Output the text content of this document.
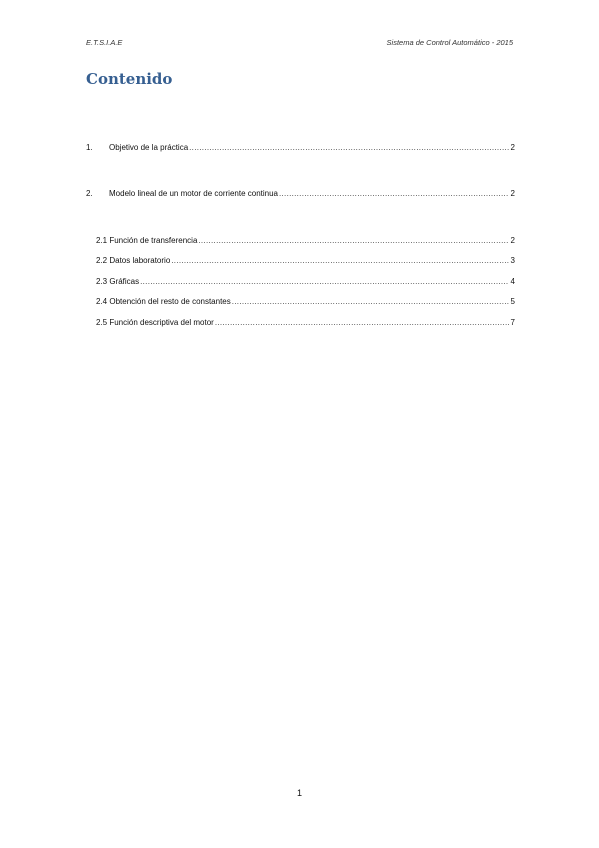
E.T.S.I.A.E	Sistema de Control Automático - 2015
Contenido
1.	Objetivo de la práctica .....	2
2.	Modelo lineal de un motor de corriente continua .....	2
2.1 Función de transferencia .....	2
2.2 Datos laboratorio .....	3
2.3 Gráficas .....	4
2.4 Obtención del resto de constantes .....	5
2.5 Función descriptiva del motor .....	7
1
